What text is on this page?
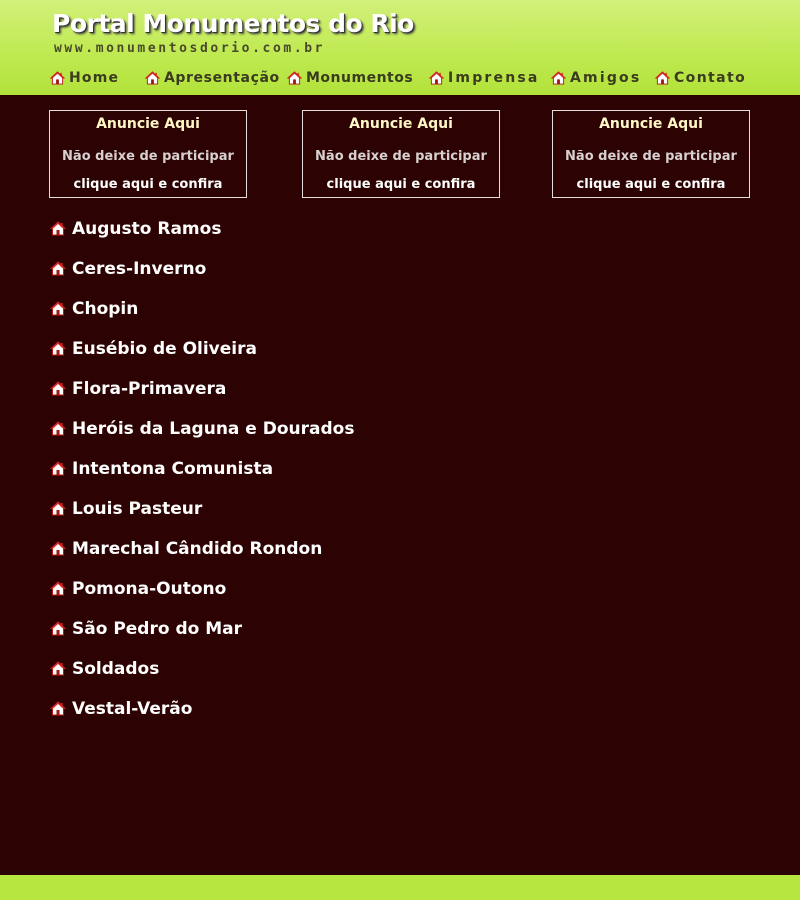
Portal Monumentos do Rio
www.monumentosdorio.com.br
Home	Apresentação Monumentos Imprensa Amigos Contato
Anuncie Aqui
Não deixe de participar
clique aqui e confira
Anuncie Aqui
Não deixe de participar
clique aqui e confira
Anuncie Aqui
Não deixe de participar
clique aqui e confira
Augusto Ramos
Ceres-Inverno
Chopin
Eusébio de Oliveira
Flora-Primavera
Heróis da Laguna e Dourados
Intentona Comunista
Louis Pasteur
Marechal Cândido Rondon
Pomona-Outono
São Pedro do Mar
Soldados
Vestal-Verão
